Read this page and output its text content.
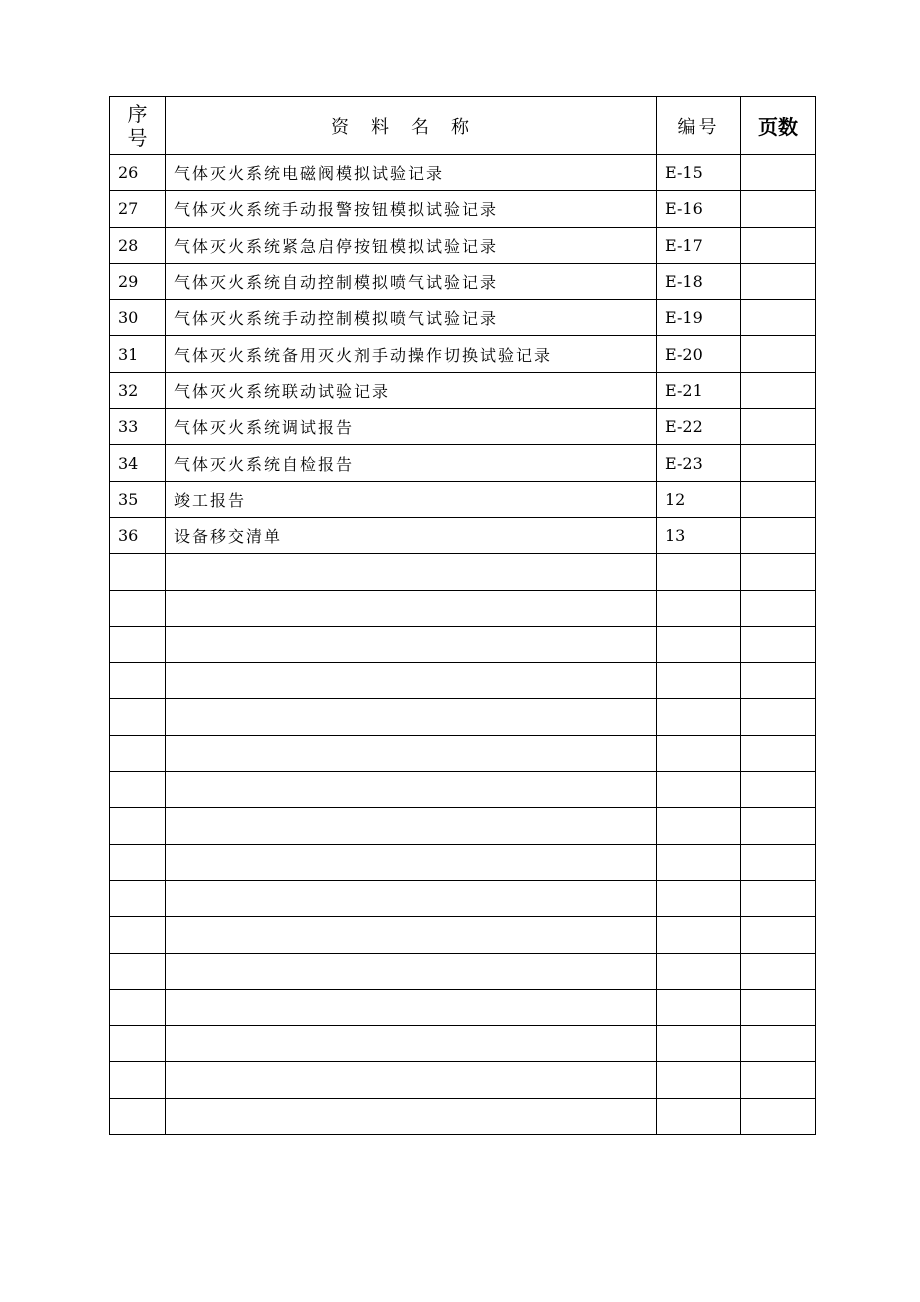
序
号	资料名称	编号	页数
26	气体灭火系统电磁阀模拟试验记录	E-15	
27	气体灭火系统手动报警按钮模拟试验记录	E-16	
28	气体灭火系统紧急启停按钮模拟试验记录	E-17	
29	气体灭火系统自动控制模拟喷气试验记录	E-18	
30	气体灭火系统手动控制模拟喷气试验记录	E-19	
31	气体灭火系统备用灭火剂手动操作切换试验记录	E-20	
32	气体灭火系统联动试验记录	E-21	
33	气体灭火系统调试报告	E-22	
34	气体灭火系统自检报告	E-23	
35	竣工报告	12	
36	设备移交清单	13	
